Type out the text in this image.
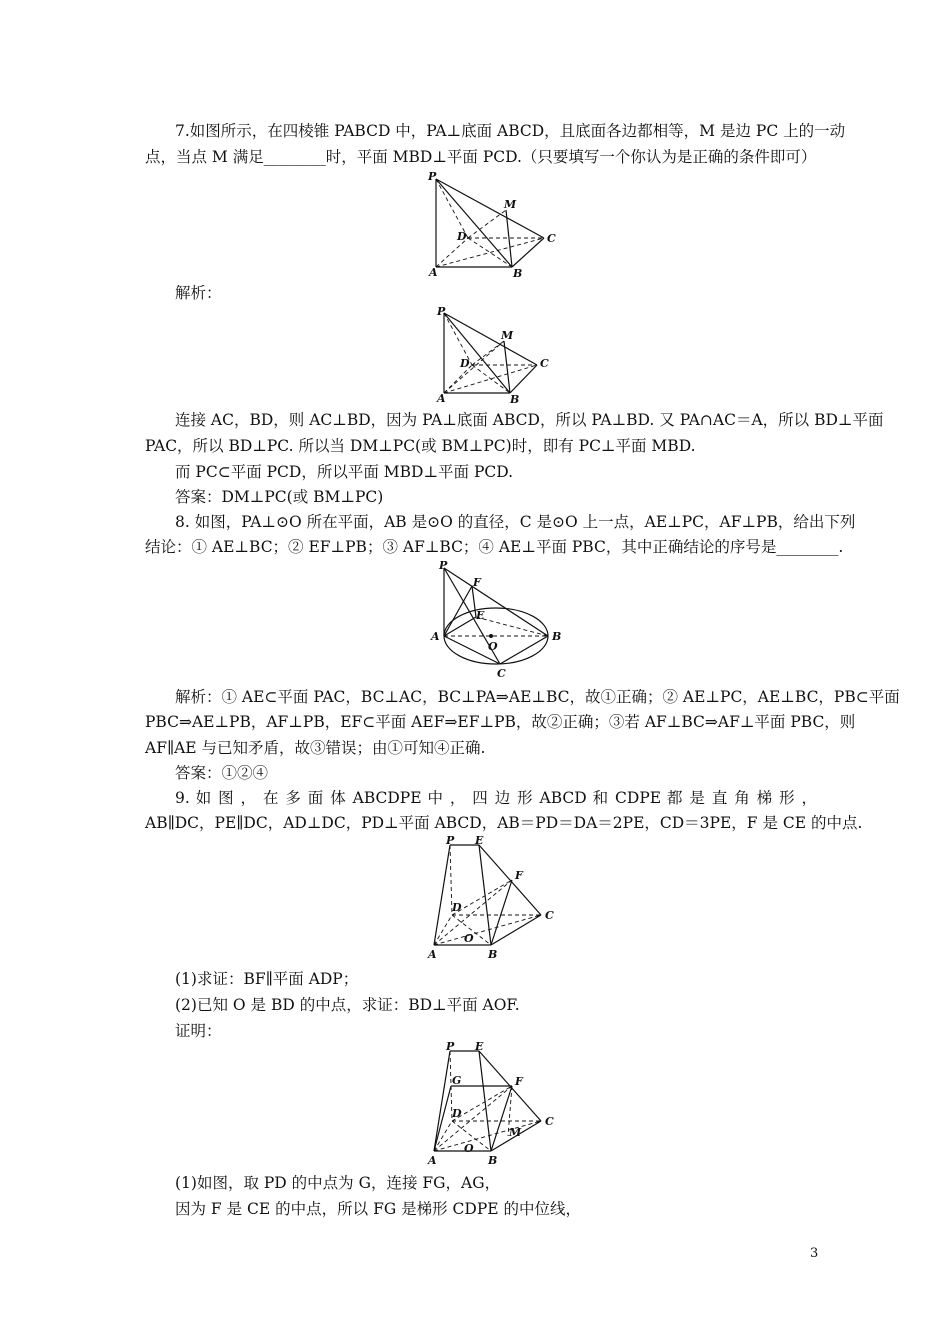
7.如图所示，在四棱锥 PABCD 中，PA⊥底面 ABCD，且底面各边都相等，M 是边 PC 上的一动
点，当点 M 满足________时，平面 MBD⊥平面 PCD.（只要填写一个你认为是正确的条件即可）
P
M
D	C
A	B
解析：
P
M
D	C
A	B
连接 AC，BD，则 AC⊥BD，因为 PA⊥底面 ABCD，所以 PA⊥BD. 又 PA∩AC＝A，所以 BD⊥平面
PAC，所以 BD⊥PC. 所以当 DM⊥PC(或 BM⊥PC)时，即有 PC⊥平面 MBD.
而 PC⊂平面 PCD，所以平面 MBD⊥平面 PCD.
答案：DM⊥PC(或 BM⊥PC)
8. 如图，PA⊥⊙O 所在平面，AB 是⊙O 的直径，C 是⊙O 上一点，AE⊥PC，AF⊥PB，给出下列
结论：① AE⊥BC；② EF⊥PB；③ AF⊥BC；④ AE⊥平面 PBC，其中正确结论的序号是________.
P
F
E
A
O
B
C
解析：① AE⊂平面 PAC，BC⊥AC，BC⊥PA⇒AE⊥BC，故①正确；② AE⊥PC，AE⊥BC，PB⊂平面
PBC⇒AE⊥PB，AF⊥PB，EF⊂平面 AEF⇒EF⊥PB，故②正确；③若 AF⊥BC⇒AF⊥平面 PBC，则
AF∥AE 与已知矛盾，故③错误；由①可知④正确.
答案：①②④
9. 如 图 ， 在 多 面 体 ABCDPE 中 ， 四 边 形 ABCD 和 CDPE 都 是 直 角 梯 形 ，
AB∥DC，PE∥DC，AD⊥DC，PD⊥平面 ABCD，AB＝PD＝DA＝2PE，CD＝3PE，F 是 CE 的中点.
P E
F
D
C
A
O
B
(1)求证：BF∥平面 ADP；
(2)已知 O 是 BD 的中点，求证：BD⊥平面 AOF.
证明：
P E
G	F
D
C
M
A
O
B
(1)如图，取 PD 的中点为 G，连接 FG，AG，
因为 F 是 CE 的中点，所以 FG 是梯形 CDPE 的中位线，
3
